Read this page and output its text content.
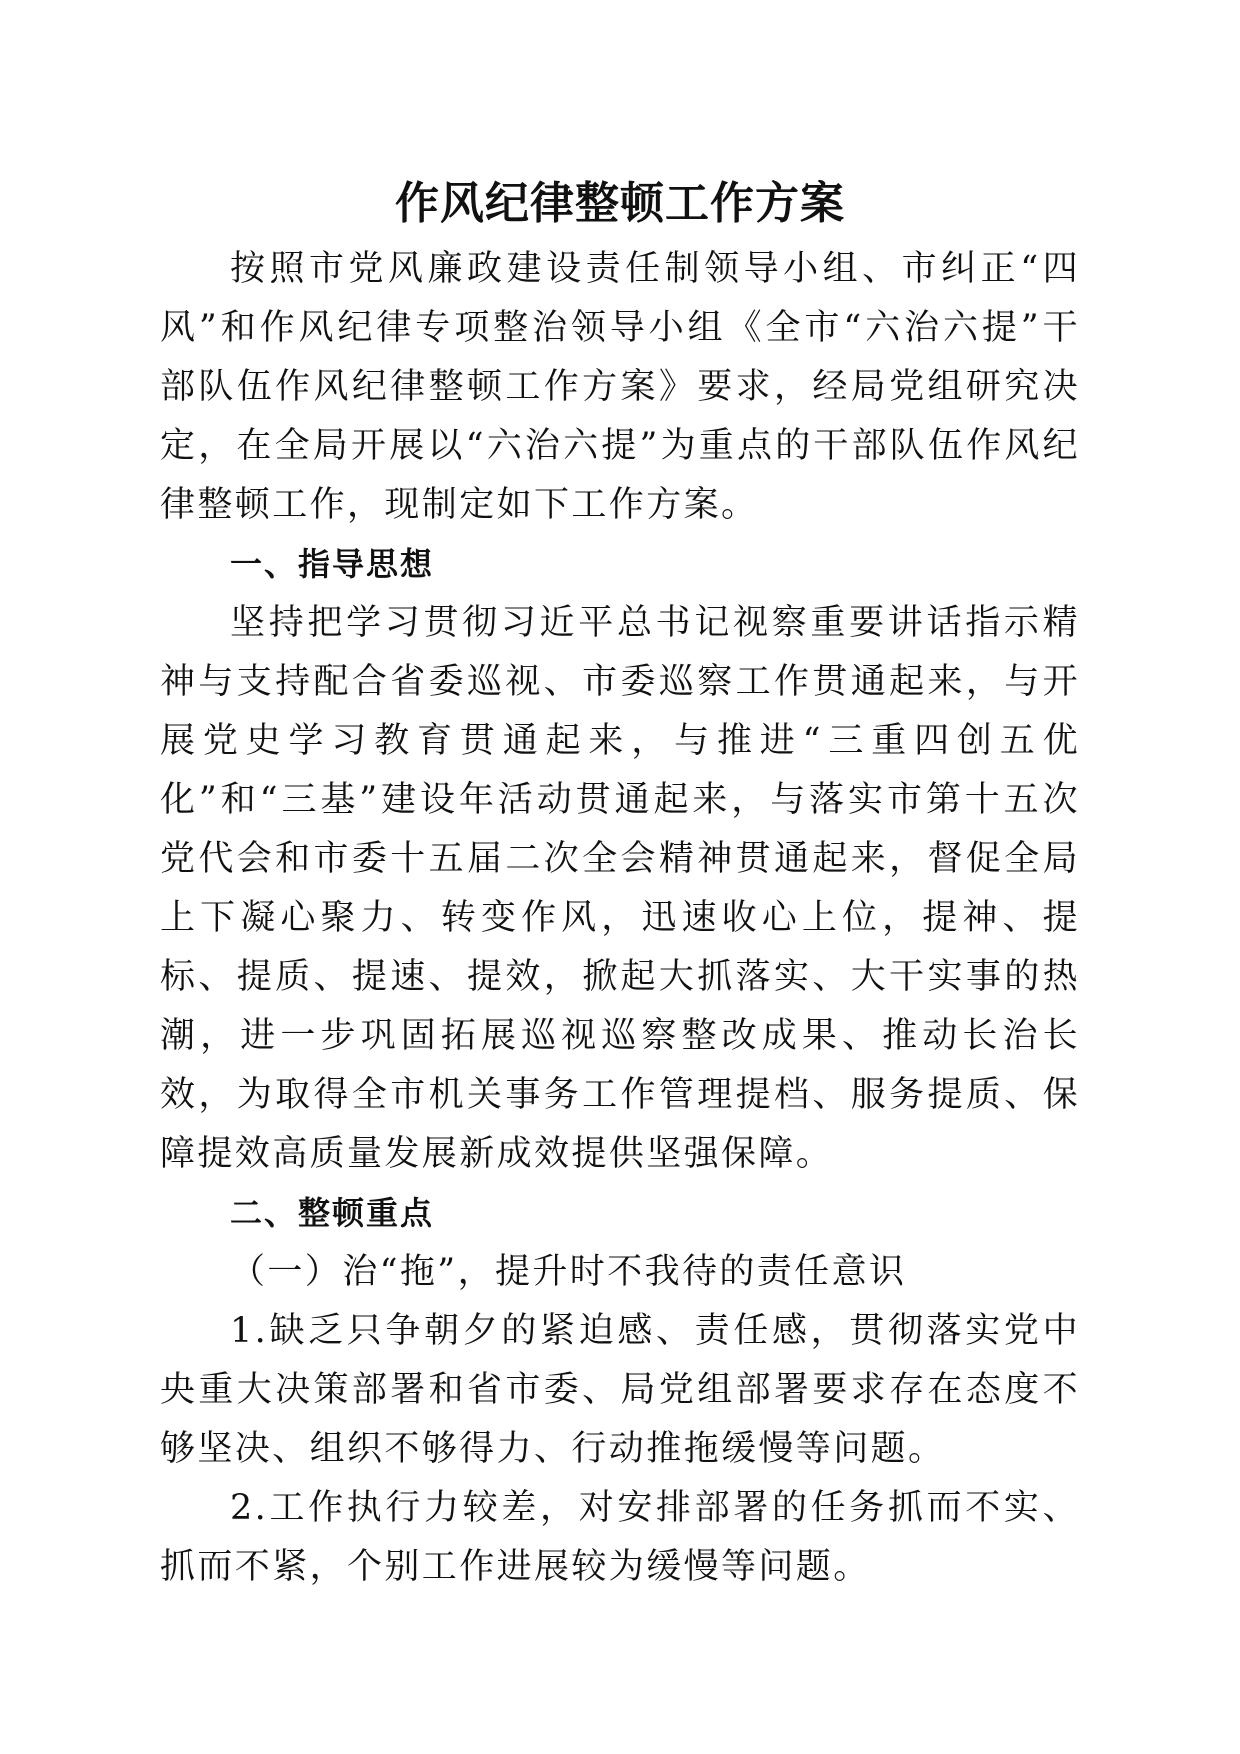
作风纪律整顿工作方案

按照市党风廉政建设责任制领导小组、市纠正“四风”和作风纪律专项整治领导小组《全市“六治六提”干部队伍作风纪律整顿工作方案》要求，经局党组研究决定，在全局开展以“六治六提”为重点的干部队伍作风纪律整顿工作，现制定如下工作方案。

一、指导思想

坚持把学习贯彻习近平总书记视察重要讲话指示精神与支持配合省委巡视、市委巡察工作贯通起来，与开展党史学习教育贯通起来，与推进“三重四创五优化”和“三基”建设年活动贯通起来，与落实市第十五次党代会和市委十五届二次全会精神贯通起来，督促全局上下凝心聚力、转变作风，迅速收心上位，提神、提标、提质、提速、提效，掀起大抓落实、大干实事的热潮，进一步巩固拓展巡视巡察整改成果、推动长治长效，为取得全市机关事务工作管理提档、服务提质、保障提效高质量发展新成效提供坚强保障。

二、整顿重点

（一）治“拖”，提升时不我待的责任意识

1.缺乏只争朝夕的紧迫感、责任感，贯彻落实党中央重大决策部署和省市委、局党组部署要求存在态度不够坚决、组织不够得力、行动推拖缓慢等问题。

2.工作执行力较差，对安排部署的任务抓而不实、抓而不紧，个别工作进展较为缓慢等问题。
